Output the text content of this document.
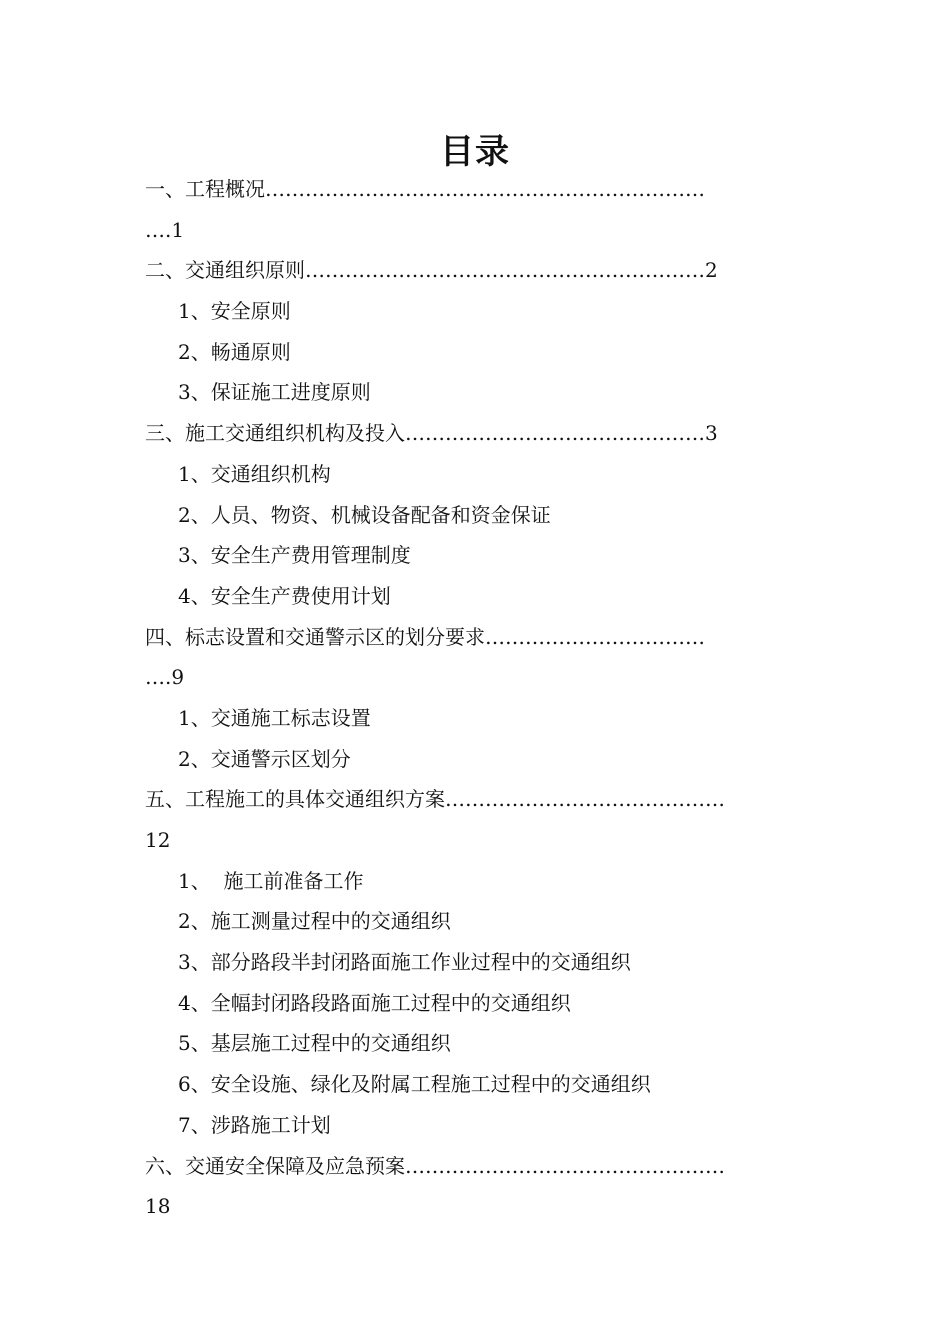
目录
一、工程概况…………………………………………………………
….1
二、交通组织原则……………………………………………………2
1、安全原则
2、畅通原则
3、保证施工进度原则
三、施工交通组织机构及投入………………………………………3
1、交通组织机构
2、人员、物资、机械设备配备和资金保证
3、安全生产费用管理制度
4、安全生产费使用计划
四、标志设置和交通警示区的划分要求……………………………
….9
1、交通施工标志设置
2、交通警示区划分
五、工程施工的具体交通组织方案……………………………………
12
1、  施工前准备工作
2、施工测量过程中的交通组织
3、部分路段半封闭路面施工作业过程中的交通组织
4、全幅封闭路段路面施工过程中的交通组织
5、基层施工过程中的交通组织
6、安全设施、绿化及附属工程施工过程中的交通组织
7、涉路施工计划
六、交通安全保障及应急预案…………………………………………
18
